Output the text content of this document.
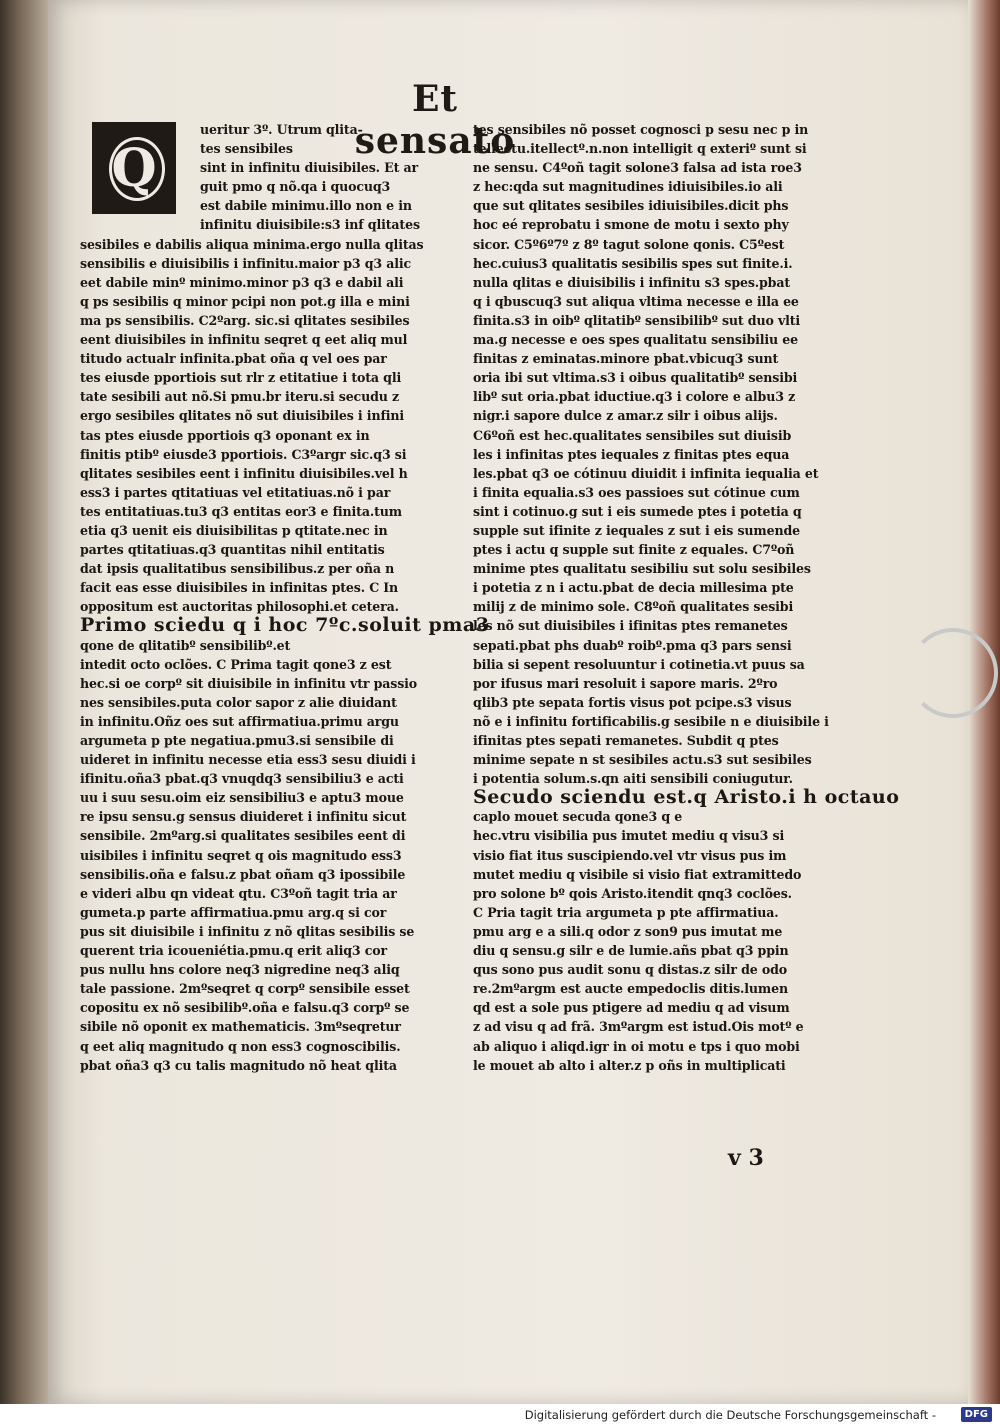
Et sensato
ueritur 3º. Utrum qlita-
tes sensibiles
sint in infinitu diuisibiles. Et ar
guit pmo q nõ.qa i quocuq3
est dabile minimu.illo non e in
infinitu diuisibile:s3 inf qlitates
sesibiles e dabilis aliqua minima.ergo nulla qlitas
sensibilis e diuisibilis i infinitu.maior p3 q3 alic
eet dabile minº minimo.minor p3 q3 e dabil ali
q ps sesibilis q minor pcipi non pot.g illa e mini
ma ps sensibilis. C2ºarg. sic.si qlitates sesibiles
eent diuisibiles in infinitu seqret q eet aliq mul
titudo actualr infinita.pbat oña q vel oes par
tes eiusde pportiois sut rlr z etitatiue i tota qli
tate sesibili aut nõ.Si pmu.br iteru.si secudu z
ergo sesibiles qlitates nõ sut diuisibiles i infini
tas ptes eiusde pportiois q3 oponant ex in
finitis ptibº eiusde3 pportiois. C3ºargr sic.q3 si
qlitates sesibiles eent i infinitu diuisibiles.vel h
ess3 i partes qtitatiuas vel etitatiuas.nõ i par
tes entitatiuas.tu3 q3 entitas eor3 e finita.tum
etia q3 uenit eis diuisibilitas p qtitate.nec in
partes qtitatiuas.q3 quantitas nihil entitatis
dat ipsis qualitatibus sensibilibus.z per oña n
facit eas esse diuisibiles in infinitas ptes. C In
oppositum est auctoritas philosophi.et cetera.
Primo sciedu q i hoc 7ºc.soluit pma3
qone de qlitatibº sensibilibº.et
intedit octo oclões. C Prima tagit qone3 z est
hec.si oe corpº sit diuisibile in infinitu vtr passio
nes sensibiles.puta color sapor z alie diuidant
in infinitu.Oñz oes sut affirmatiua.primu argu
argumeta p pte negatiua.pmu3.si sensibile di
uideret in infinitu necesse etia ess3 sesu diuidi i
ifinitu.oña3 pbat.q3 vnuqdq3 sensibiliu3 e acti
uu i suu sesu.oim eiz sensibiliu3 e aptu3 moue
re ipsu sensu.g sensus diuideret i infinitu sicut
sensibile. 2mºarg.si qualitates sesibiles eent di
uisibiles i infinitu seqret q ois magnitudo ess3
sensibilis.oña e falsu.z pbat oñam q3 ipossibile
e videri albu qn videat qtu. C3ºoñ tagit tria ar
gumeta.p parte affirmatiua.pmu arg.q si cor
pus sit diuisibile i infinitu z nõ qlitas sesibilis se
querent tria icoueniétia.pmu.q erit aliq3 cor
pus nullu hns colore neq3 nigredine neq3 aliq
tale passione. 2mºseqret q corpº sensibile esset
copositu ex nõ sesibilibº.oña e falsu.q3 corpº se
sibile nõ oponit ex mathematicis. 3mºseqretur
q eet aliq magnitudo q non ess3 cognoscibilis.
pbat oña3 q3 cu talis magnitudo nõ heat qlita
tes sensibiles nõ posset cognosci p sesu nec p in
tellectu.itellectº.n.non intelligit q exteriº sunt si
ne sensu. C4ºoñ tagit solone3 falsa ad ista roe3
z hec:qda sut magnitudines idiuisibiles.io ali
que sut qlitates sesibiles idiuisibiles.dicit phs
hoc eé reprobatu i smone de motu i sexto phy
sicor. C5º6º7º z 8º tagut solone qonis. C5ºest
hec.cuius3 qualitatis sesibilis spes sut finite.i.
nulla qlitas e diuisibilis i infinitu s3 spes.pbat
q i qbuscuq3 sut aliqua vltima necesse e illa ee
finita.s3 in oibº qlitatibº sensibilibº sut duo vlti
ma.g necesse e oes spes qualitatu sensibiliu ee
finitas z eminatas.minore pbat.vbicuq3 sunt
oria ibi sut vltima.s3 i oibus qualitatibº sensibi
libº sut oria.pbat iductiue.q3 i colore e albu3 z
nigr.i sapore dulce z amar.z silr i oibus alijs.
C6ºoñ est hec.qualitates sensibiles sut diuisib
les i infinitas ptes iequales z finitas ptes equa
les.pbat q3 oe cótinuu diuidit i infinita iequalia et
i finita equalia.s3 oes passioes sut cótinue cum
sint i cotinuo.g sut i eis sumede ptes i potetia q
supple sut ifinite z iequales z sut i eis sumende
ptes i actu q supple sut finite z equales. C7ºoñ
minime ptes qualitatu sesibiliu sut solu sesibiles
i potetia z n i actu.pbat de decia millesima pte
milij z de minimo sole. C8ºoñ qualitates sesibi
les nõ sut diuisibiles i ifinitas ptes remanetes
sepati.pbat phs duabº roibº.pma q3 pars sensi
bilia si sepent resoluuntur i cotinetia.vt puus sa
por ifusus mari resoluit i sapore maris. 2ºro
qlib3 pte sepata fortis visus pot pcipe.s3 visus
nõ e i infinitu fortificabilis.g sesibile n e diuisibile i
ifinitas ptes sepati remanetes. Subdit q ptes
minime sepate n st sesibiles actu.s3 sut sesibiles
i potentia solum.s.qn aiti sensibili coniugutur.
Secudo sciendu est.q Aristo.i h octauo
caplo mouet secuda qone3 q e
hec.vtru visibilia pus imutet mediu q visu3 si
visio fiat itus suscipiendo.vel vtr visus pus im
mutet mediu q visibile si visio fiat extramittedo
pro solone bº qois Aristo.itendit qnq3 coclões.
C Pria tagit tria argumeta p pte affirmatiua.
pmu arg e a sili.q odor z son9 pus imutat me
diu q sensu.g silr e de lumie.añs pbat q3 ppin
qus sono pus audit sonu q distas.z silr de odo
re.2mºargm est aucte empedoclis ditis.lumen
qd est a sole pus ptigere ad mediu q ad visum
z ad visu q ad frã. 3mºargm est istud.Ois motº e
ab aliquo i aliqd.igr in oi motu e tps i quo mobi
le mouet ab alto i alter.z p oñs in multiplicati
Q
v 3
Digitalisierung gefördert durch die Deutsche Forschungsgemeinschaft -	DFG
